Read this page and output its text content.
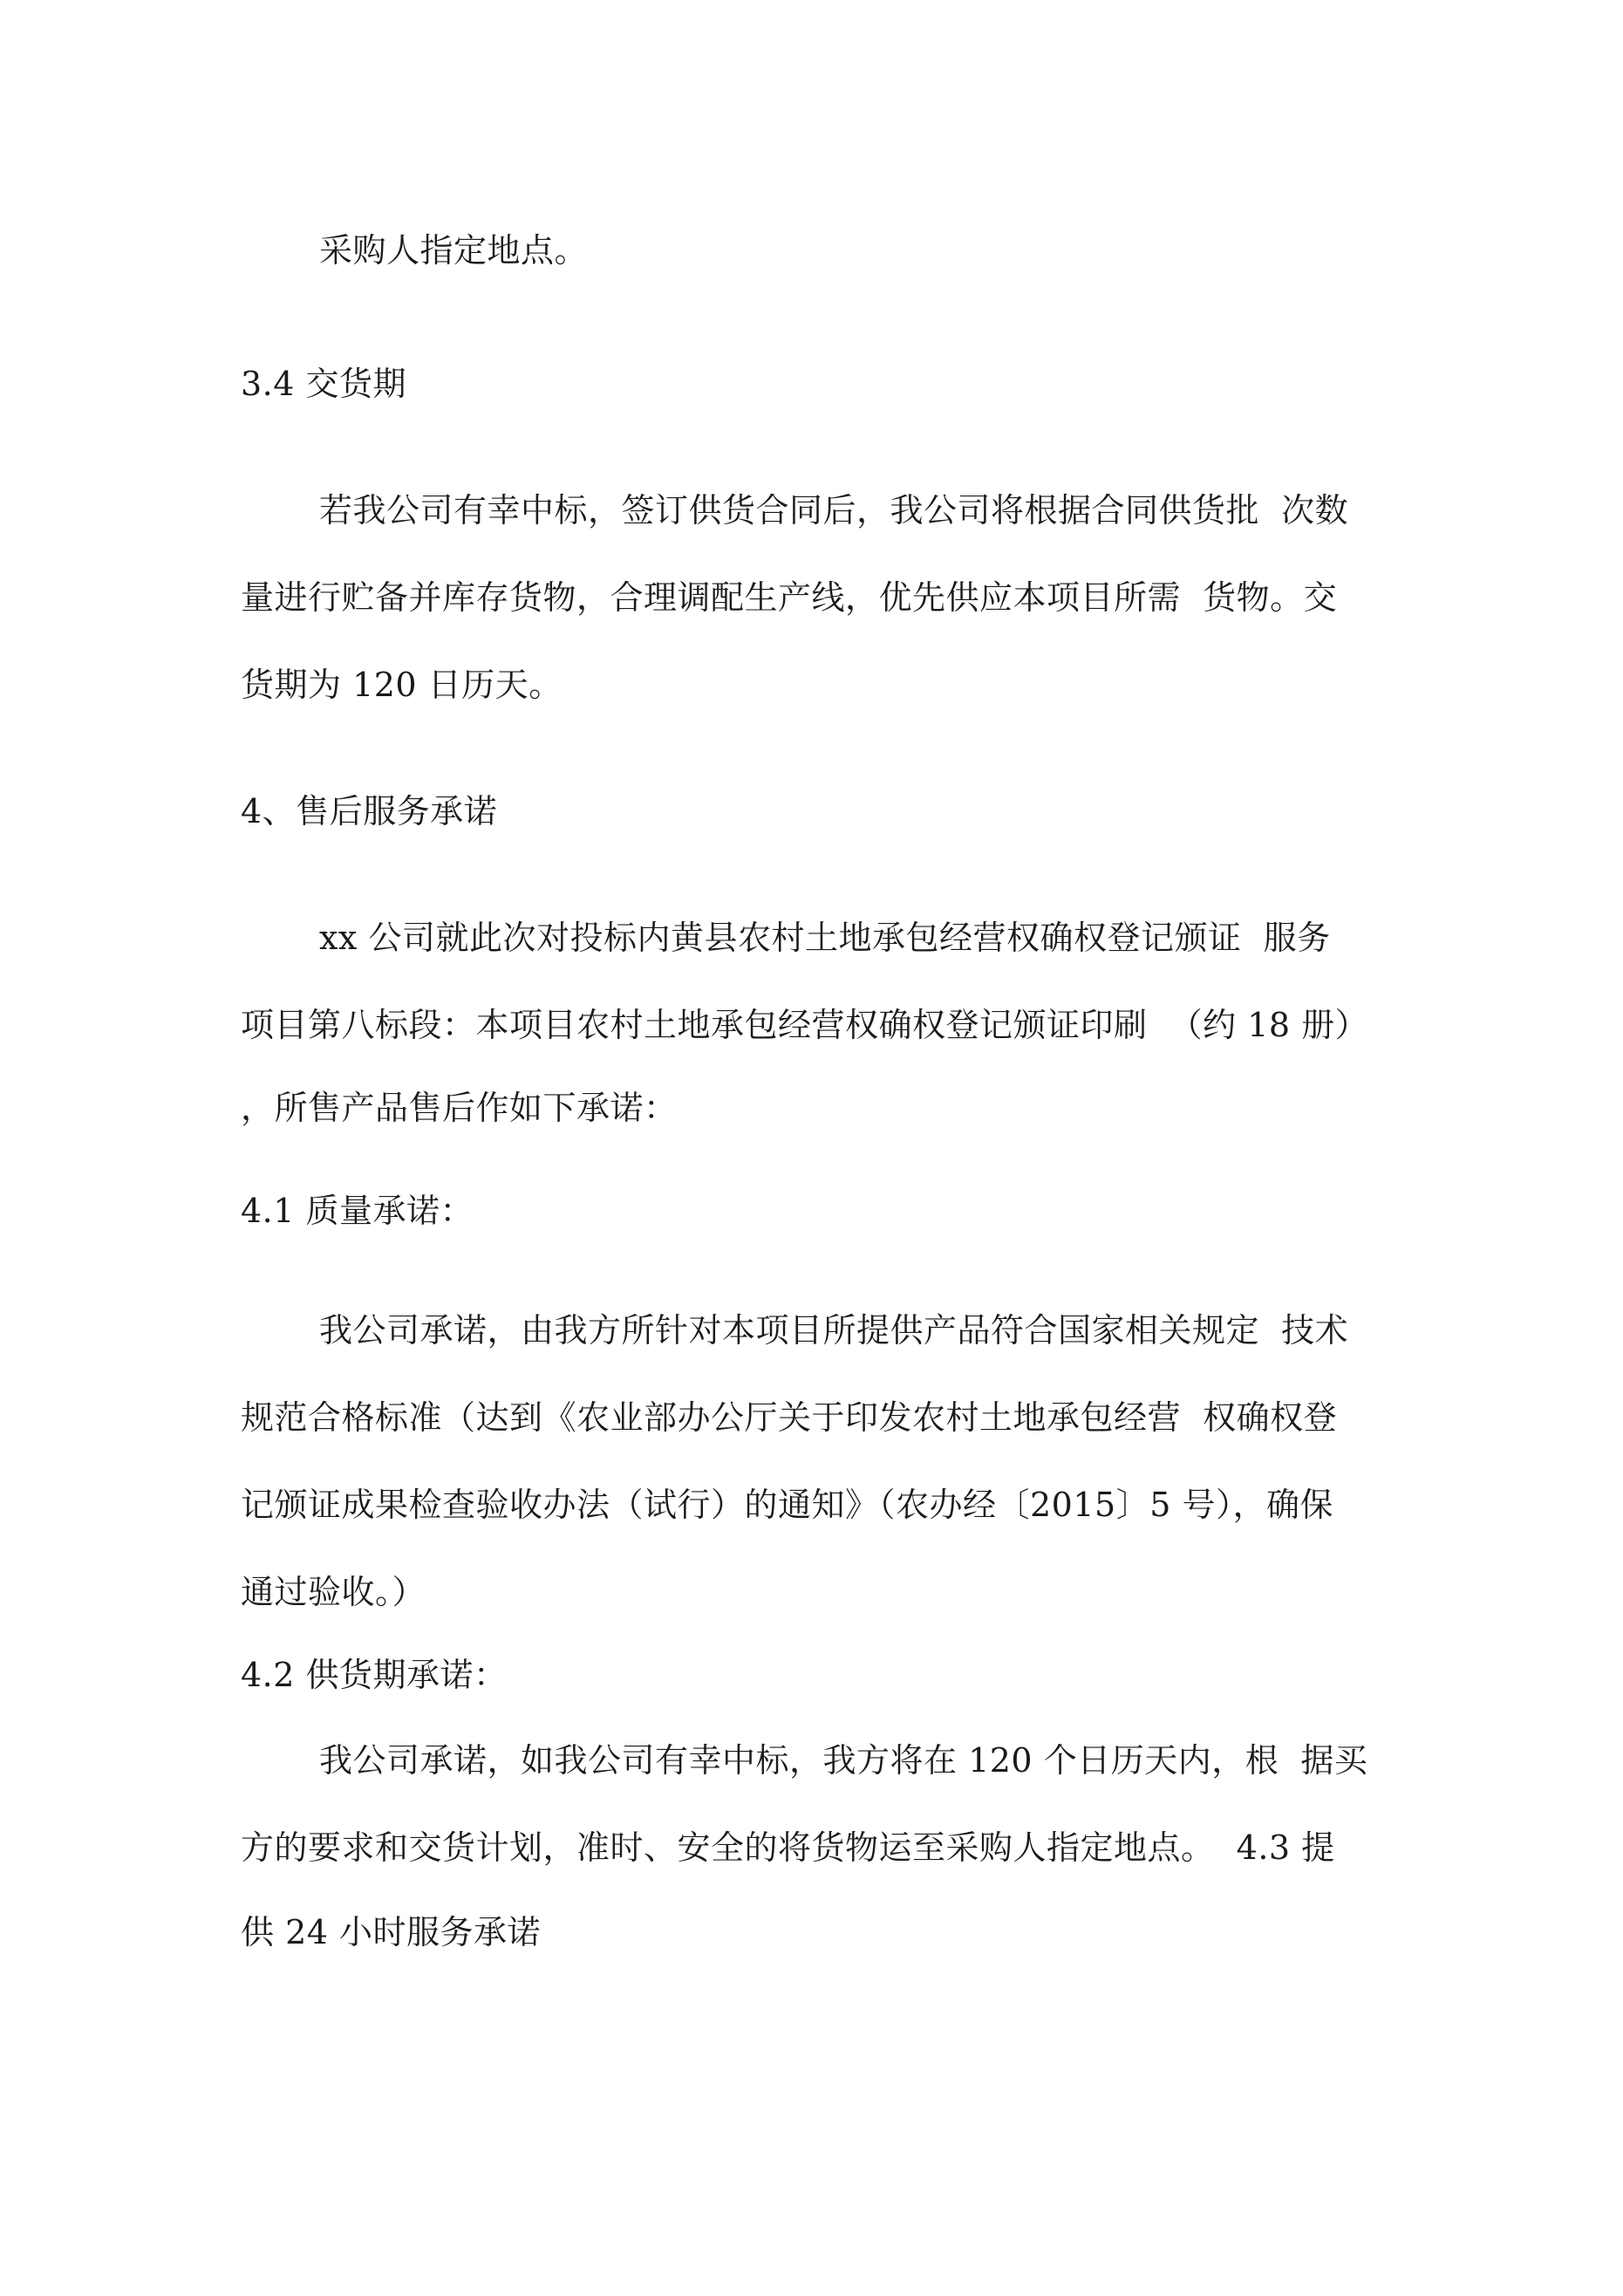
采购人指定地点。
3.4 交货期
若我公司有幸中标，签订供货合同后，我公司将根据合同供货批  次数
量进行贮备并库存货物，合理调配生产线，优先供应本项目所需  货物。交
货期为 120 日历天。
4、售后服务承诺
xx 公司就此次对投标内黄县农村土地承包经营权确权登记颁证  服务
项目第八标段：本项目农村土地承包经营权确权登记颁证印刷  （约 18 册）
，所售产品售后作如下承诺：
4.1 质量承诺：
我公司承诺，由我方所针对本项目所提供产品符合国家相关规定  技术
规范合格标准（达到《农业部办公厅关于印发农村土地承包经营  权确权登
记颁证成果检查验收办法（试行）的通知》（农办经〔2015〕5 号），确保
通过验收。）
4.2 供货期承诺：
我公司承诺，如我公司有幸中标，我方将在 120 个日历天内，根  据买
方的要求和交货计划，准时、安全的将货物运至采购人指定地点。  4.3 提
供 24 小时服务承诺
